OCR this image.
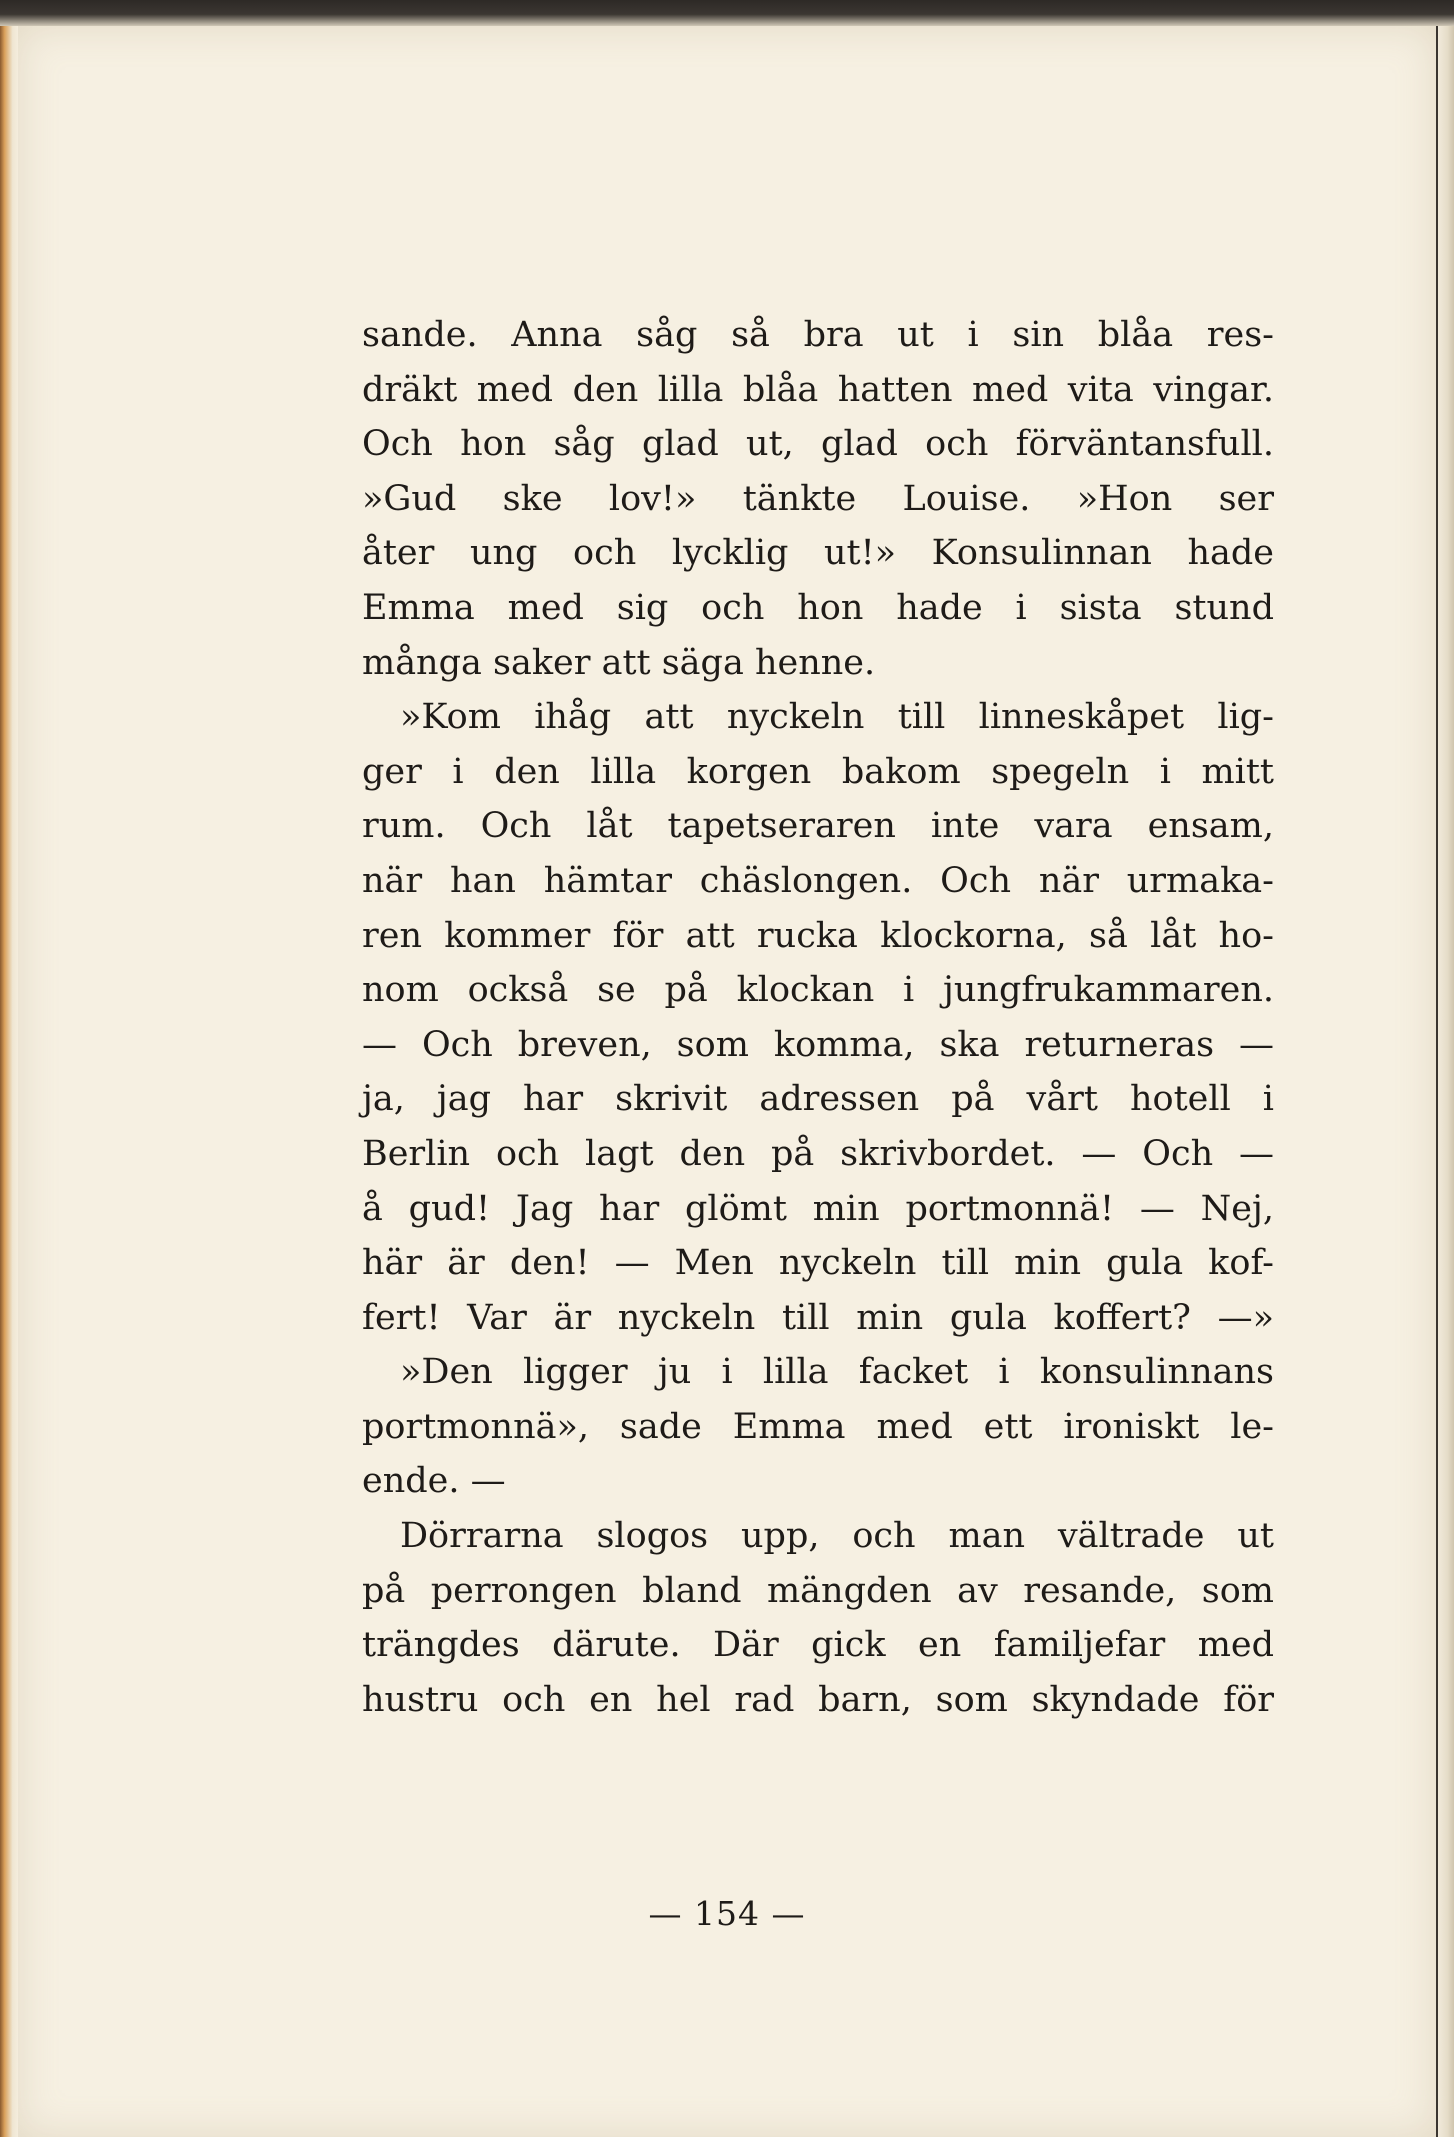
— 154 —
sande. Anna såg så bra ut i sin blåa res-
dräkt med den lilla blåa hatten med vita vingar.
Och hon såg glad ut, glad och förväntansfull.
»Gud ske lov!» tänkte Louise. »Hon ser
åter ung och lycklig ut!» Konsulinnan hade
Emma med sig och hon hade i sista stund
många saker att säga henne.
»Kom ihåg att nyckeln till linneskåpet lig-
ger i den lilla korgen bakom spegeln i mitt
rum. Och låt tapetseraren inte vara ensam,
när han hämtar chäslongen. Och när urmaka-
ren kommer för att rucka klockorna, så låt ho-
nom också se på klockan i jungfrukammaren.
— Och breven, som komma, ska returneras —
ja, jag har skrivit adressen på vårt hotell i
Berlin och lagt den på skrivbordet. — Och —
å gud! Jag har glömt min portmonnä! — Nej,
här är den! — Men nyckeln till min gula kof-
fert! Var är nyckeln till min gula koffert? —»
»Den ligger ju i lilla facket i konsulinnans
portmonnä», sade Emma med ett ironiskt le-
ende. —
Dörrarna slogos upp, och man vältrade ut
på perrongen bland mängden av resande, som
trängdes därute. Där gick en familjefar med
hustru och en hel rad barn, som skyndade för
